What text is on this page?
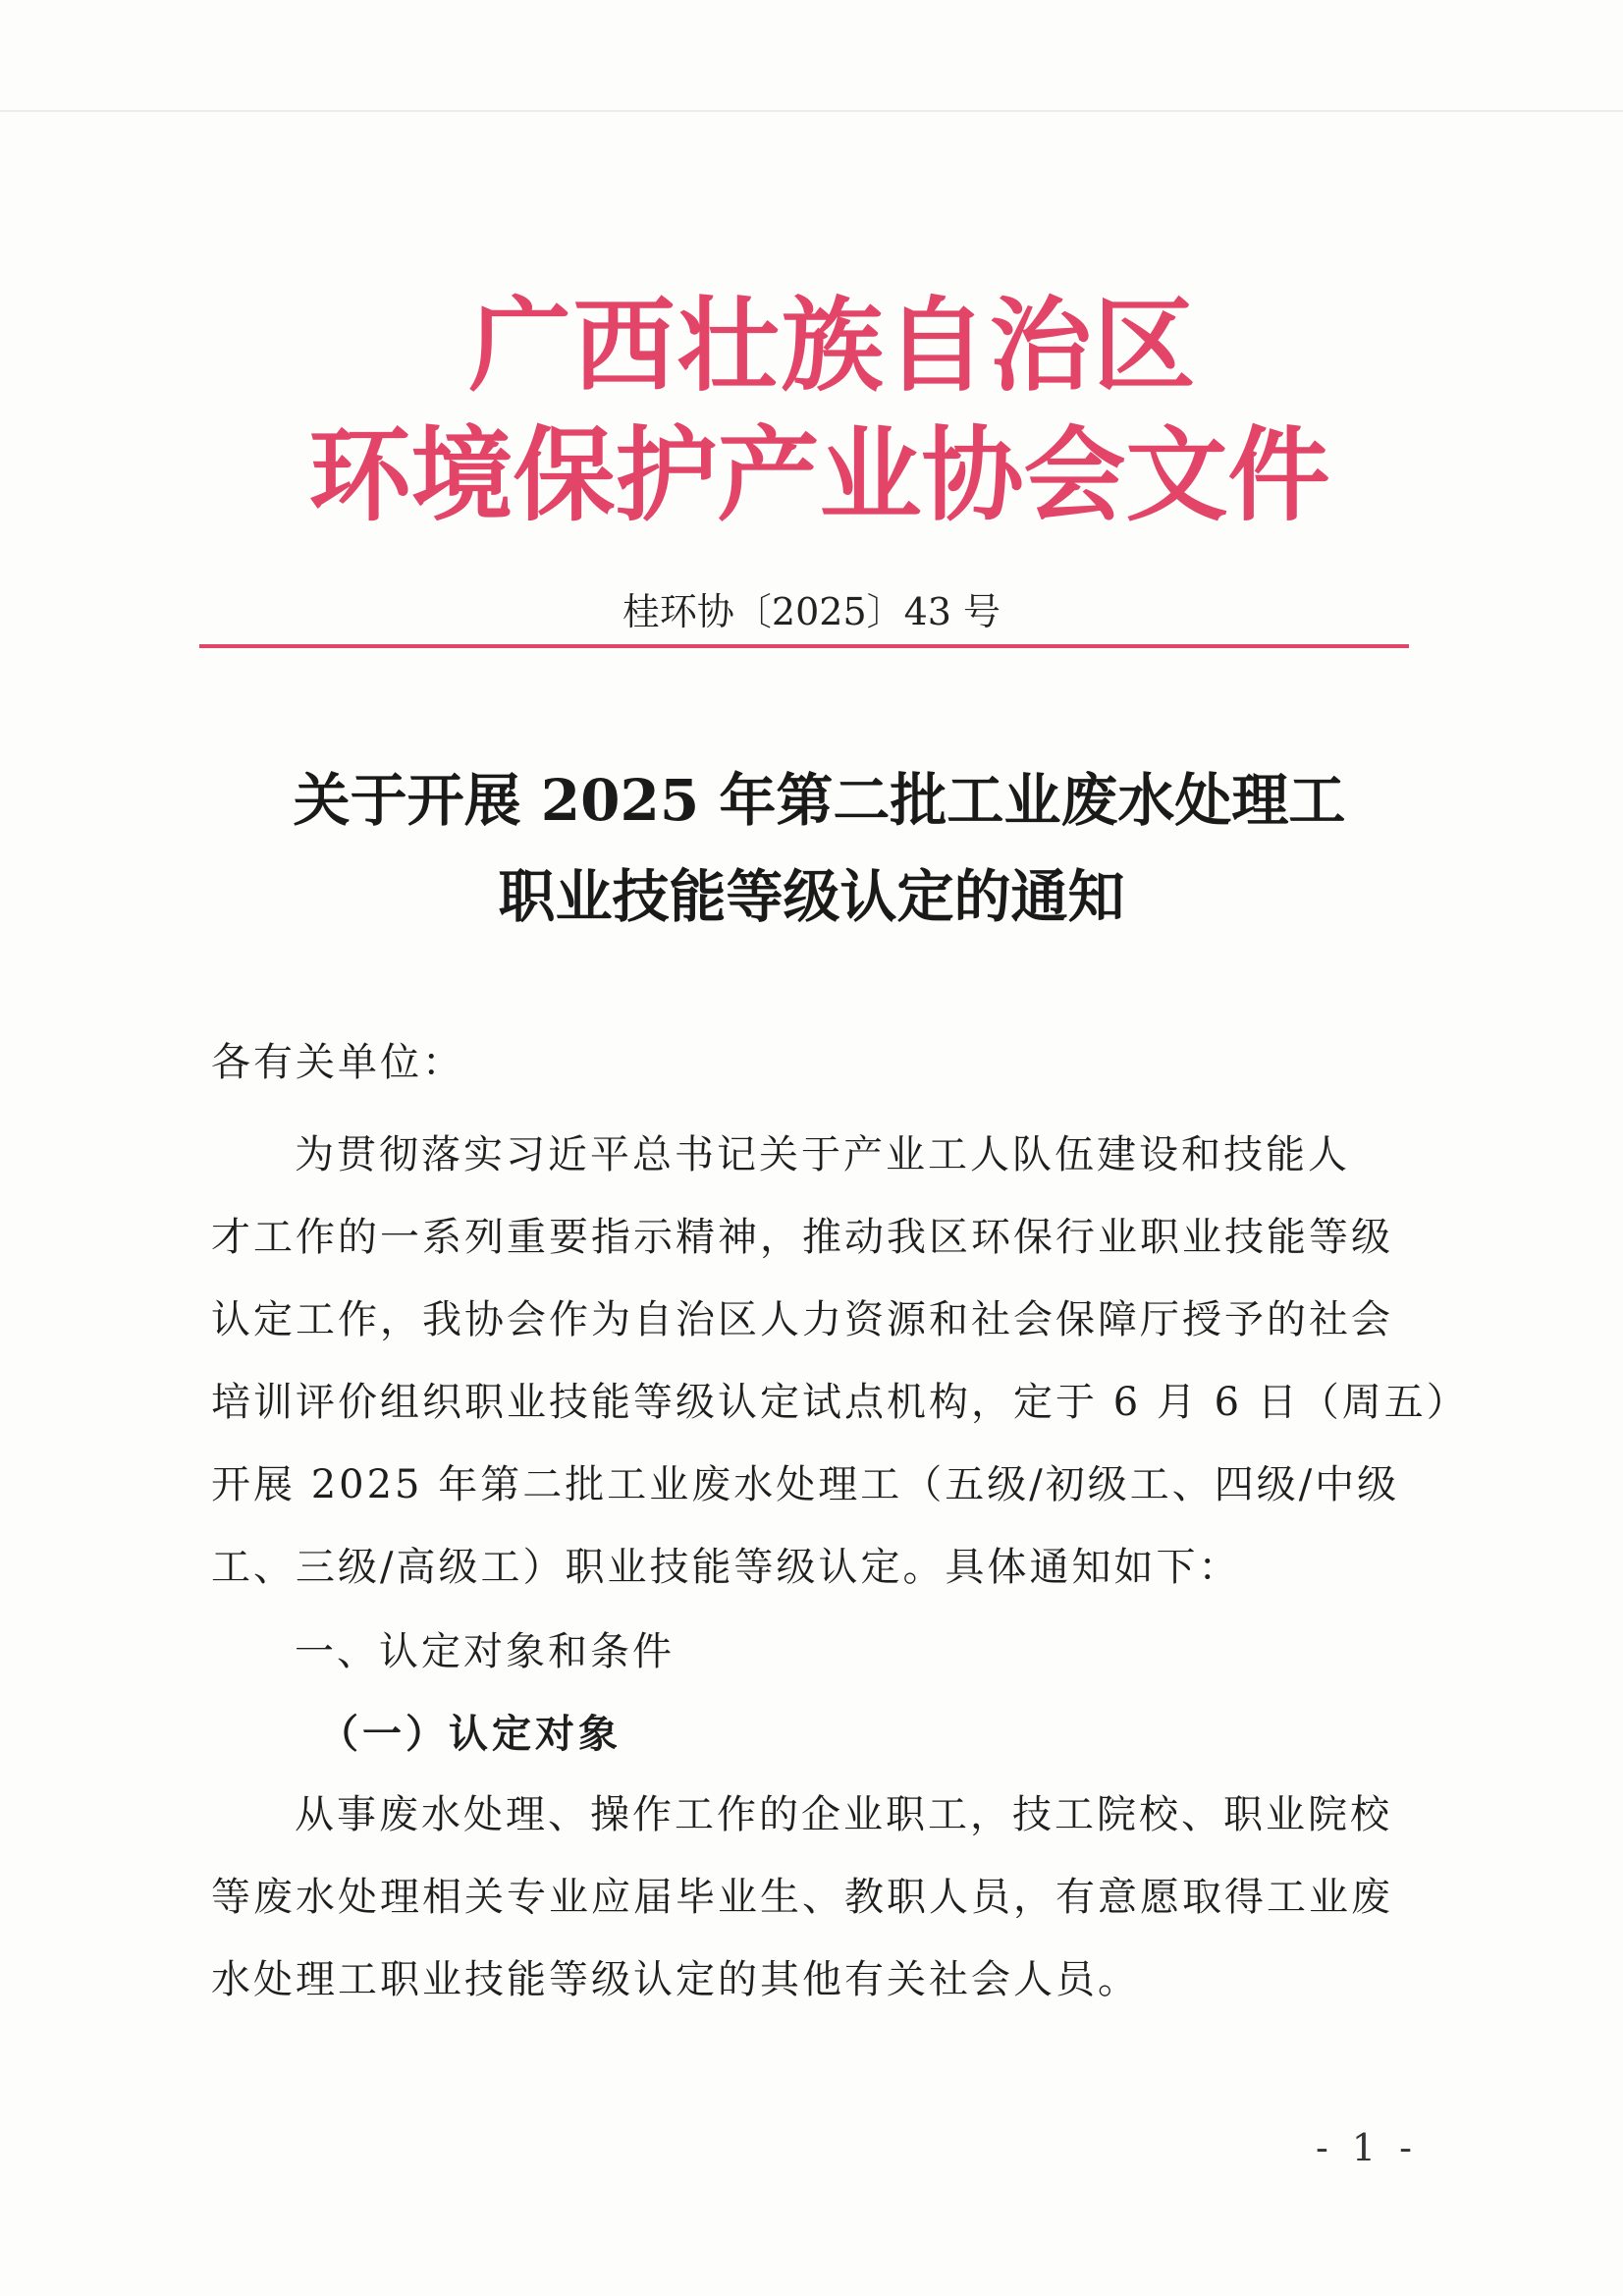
广西壮族自治区
环境保护产业协会文件
桂环协〔2025〕43 号
关于开展 2025 年第二批工业废水处理工
职业技能等级认定的通知
各有关单位：
为贯彻落实习近平总书记关于产业工人队伍建设和技能人
才工作的一系列重要指示精神，推动我区环保行业职业技能等级
认定工作，我协会作为自治区人力资源和社会保障厅授予的社会
培训评价组织职业技能等级认定试点机构，定于 6 月 6 日（周五）
开展 2025 年第二批工业废水处理工（五级/初级工、四级/中级
工、三级/高级工）职业技能等级认定。具体通知如下：
一、认定对象和条件
（一）认定对象
从事废水处理、操作工作的企业职工，技工院校、职业院校
等废水处理相关专业应届毕业生、教职人员，有意愿取得工业废
水处理工职业技能等级认定的其他有关社会人员。
- 1 -
